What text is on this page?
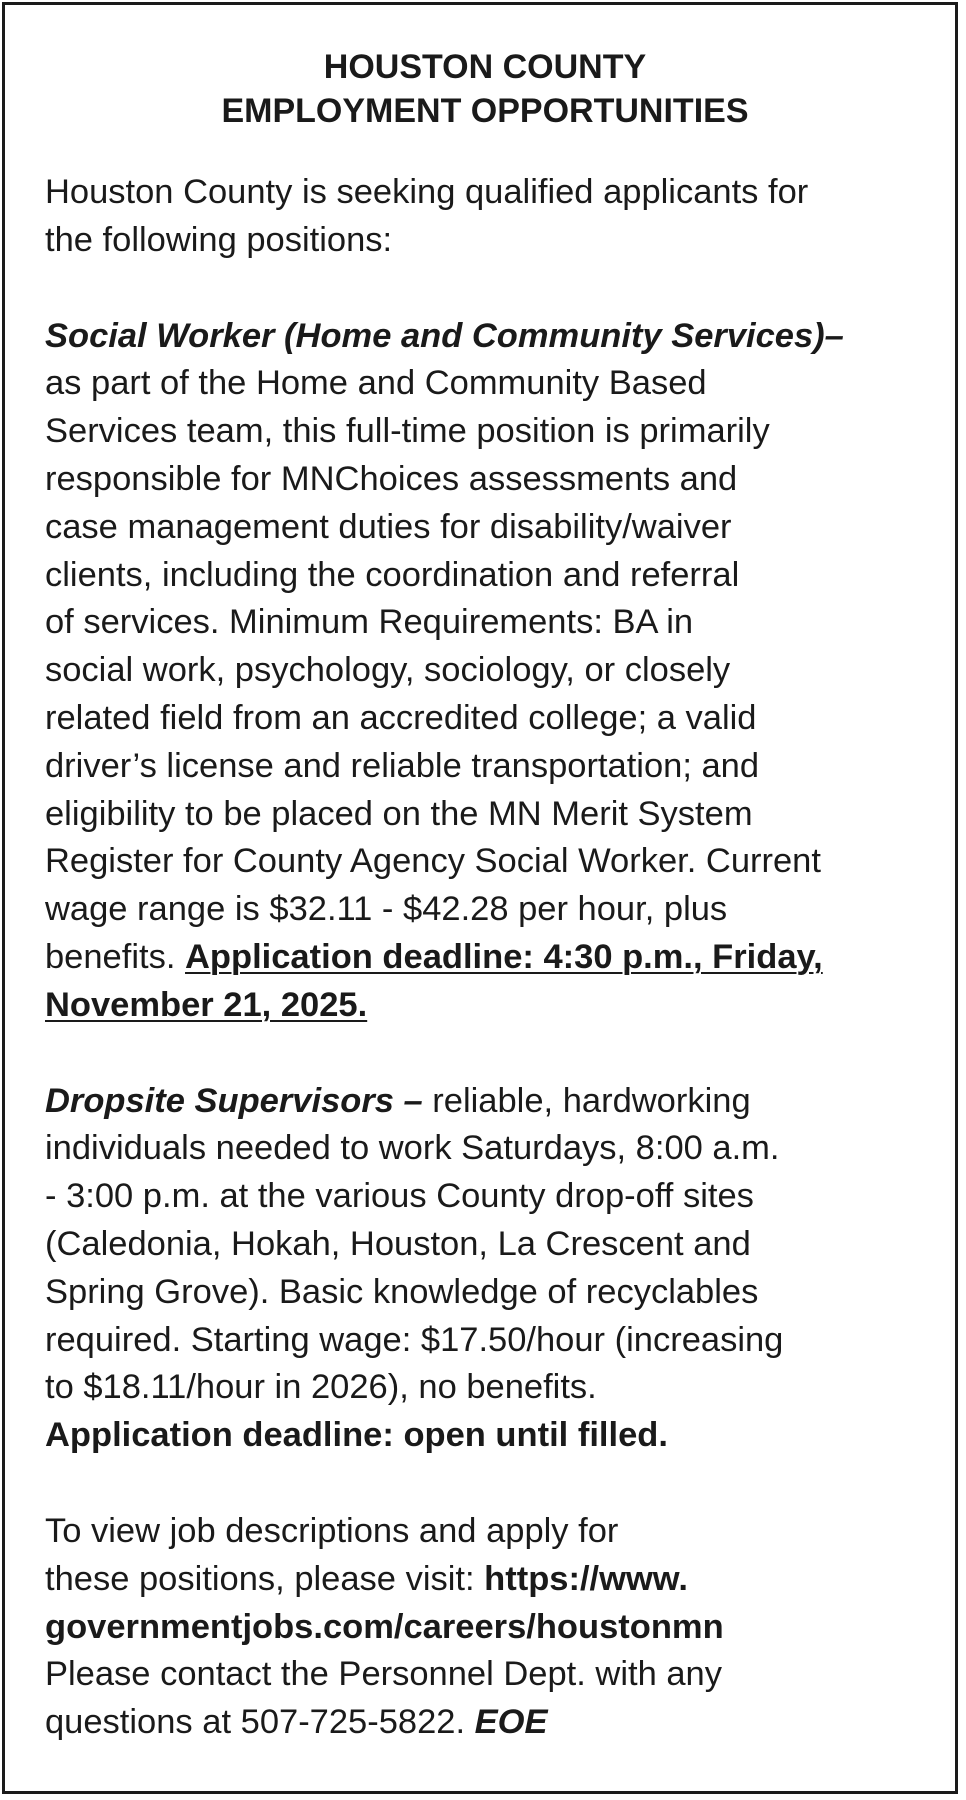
HOUSTON COUNTY
EMPLOYMENT OPPORTUNITIES

Houston County is seeking qualified applicants for
the following positions:

Social Worker (Home and Community Services)–
as part of the Home and Community Based
Services team, this full-time position is primarily
responsible for MNChoices assessments and
case management duties for disability/waiver
clients, including the coordination and referral
of services. Minimum Requirements: BA in
social work, psychology, sociology, or closely
related field from an accredited college; a valid
driver’s license and reliable transportation; and
eligibility to be placed on the MN Merit System
Register for County Agency Social Worker. Current
wage range is $32.11 - $42.28 per hour, plus
benefits. Application deadline: 4:30 p.m., Friday,
November 21, 2025.

Dropsite Supervisors – reliable, hardworking
individuals needed to work Saturdays, 8:00 a.m.
- 3:00 p.m. at the various County drop-off sites
(Caledonia, Hokah, Houston, La Crescent and
Spring Grove). Basic knowledge of recyclables
required. Starting wage: $17.50/hour (increasing
to $18.11/hour in 2026), no benefits.
Application deadline: open until filled.

To view job descriptions and apply for
these positions, please visit: https://www.
governmentjobs.com/careers/houstonmn
Please contact the Personnel Dept. with any
questions at 507-725-5822. EOE
